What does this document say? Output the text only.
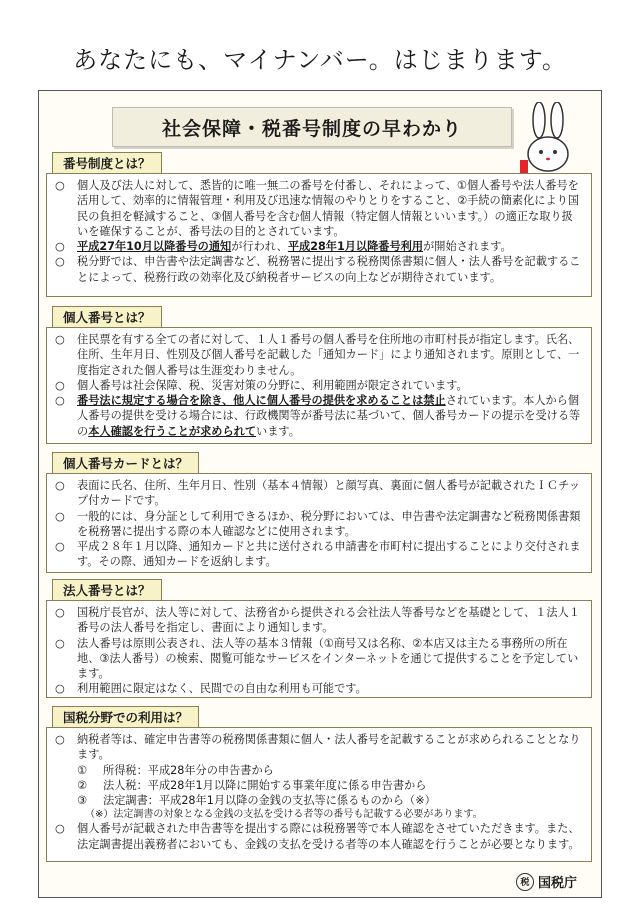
あなたにも、マイナンバー。はじまります。
社会保障・税番号制度の早わかり
番号制度とは？
○	個人及び法人に対して、悉皆的に唯一無二の番号を付番し、それによって、①個人番号や法人番号を活用して、効率的に情報管理・利用及び迅速な情報のやりとりをすること、②手続の簡素化により国民の負担を軽減すること、③個人番号を含む個人情報（特定個人情報といいます。）の適正な取り扱いを確保することが、番号法の目的とされています。
○	平成27年10月以降番号の通知が行われ、平成28年1月以降番号利用が開始されます。
○	税分野では、申告書や法定調書など、税務署に提出する税務関係書類に個人・法人番号を記載することによって、税務行政の効率化及び納税者サービスの向上などが期待されています。
個人番号とは？
○	住民票を有する全ての者に対して、１人１番号の個人番号を住所地の市町村長が指定します。氏名、住所、生年月日、性別及び個人番号を記載した「通知カード」により通知されます。原則として、一度指定された個人番号は生涯変わりません。
○	個人番号は社会保障、税、災害対策の分野に、利用範囲が限定されています。
○	番号法に規定する場合を除き、他人に個人番号の提供を求めることは禁止されています。本人から個人番号の提供を受ける場合には、行政機関等が番号法に基づいて、個人番号カードの提示を受ける等の本人確認を行うことが求められています。
個人番号カードとは？
○	表面に氏名、住所、生年月日、性別（基本４情報）と顔写真、裏面に個人番号が記載されたＩＣチップ付カードです。
○	一般的には、身分証として利用できるほか、税分野においては、申告書や法定調書など税務関係書類を税務署に提出する際の本人確認などに使用されます。
○	平成２８年１月以降、通知カードと共に送付される申請書を市町村に提出することにより交付されます。その際、通知カードを返納します。
法人番号とは？
○	国税庁長官が、法人等に対して、法務省から提供される会社法人等番号などを基礎として、１法人１番号の法人番号を指定し、書面により通知します。
○	法人番号は原則公表され、法人等の基本３情報（①商号又は名称、②本店又は主たる事務所の所在地、③法人番号）の検索、閲覧可能なサービスをインターネットを通じて提供することを予定しています。
○	利用範囲に限定はなく、民間での自由な利用も可能です。
国税分野での利用は？
○	納税者等は、確定申告書等の税務関係書類に個人・法人番号を記載することが求められることとなります。
①	所得税：平成28年分の申告書から
②	法人税：平成28年1月以降に開始する事業年度に係る申告書から
③	法定調書：平成28年1月以降の金銭の支払等に係るものから（※）
（※）法定調書の対象となる金銭の支払を受ける者等の番号も記載する必要があります。
○	個人番号が記載された申告書等を提出する際には税務署等で本人確認をさせていただきます。また、法定調書提出義務者においても、金銭の支払を受ける者等の本人確認を行うことが必要となります。
税 国税庁
